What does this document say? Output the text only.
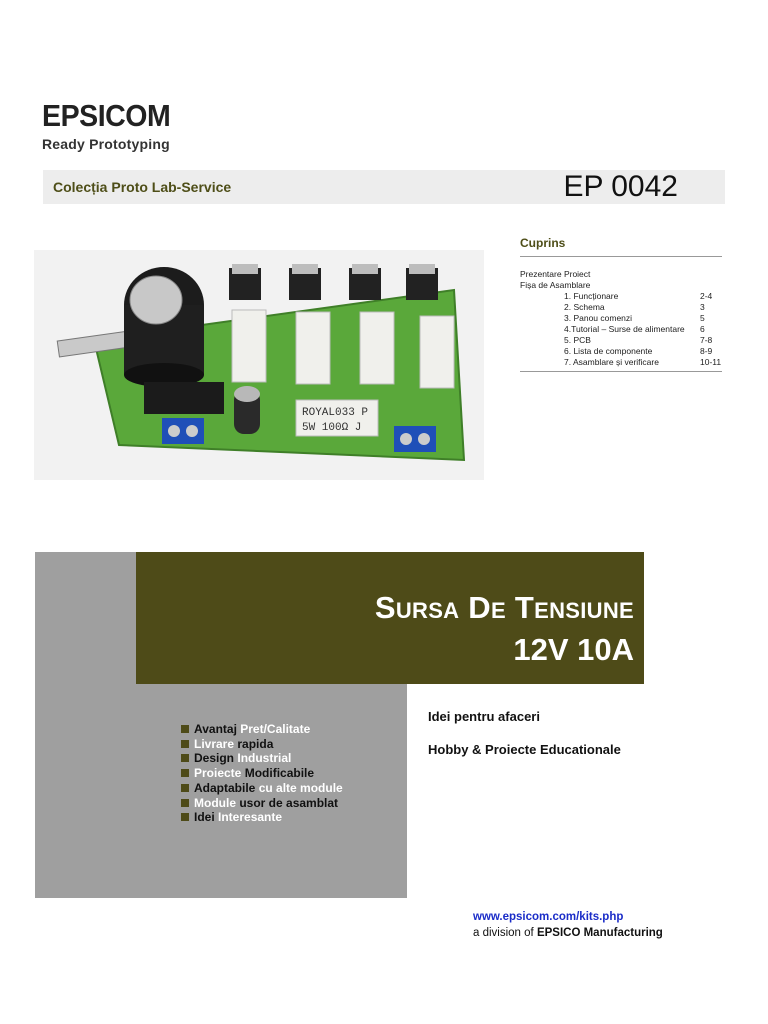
EPSICOM
Ready Prototyping
Colecția Proto Lab-Service	EP 0042
Cuprins
Prezentare Proiect
Fișa de Asamblare
1. Funcționare	2-4
2. Schema	3
3. Panou comenzi	5
4.Tutorial – Surse de alimentare	6
5. PCB	7-8
6. Lista de componente	8-9
7. Asamblare și verificare	10-11
ROYAL033 P
5W 100Ω J
Sursa De Tensiune
12V 10A
Avantaj Pret/Calitate
Livrare rapida
Design Industrial
Proiecte Modificabile
Adaptabile cu alte module
Module usor de asamblat
Idei Interesante
Idei pentru afaceri
Hobby & Proiecte Educationale
www.epsicom.com/kits.php
a division of EPSICO Manufacturing
